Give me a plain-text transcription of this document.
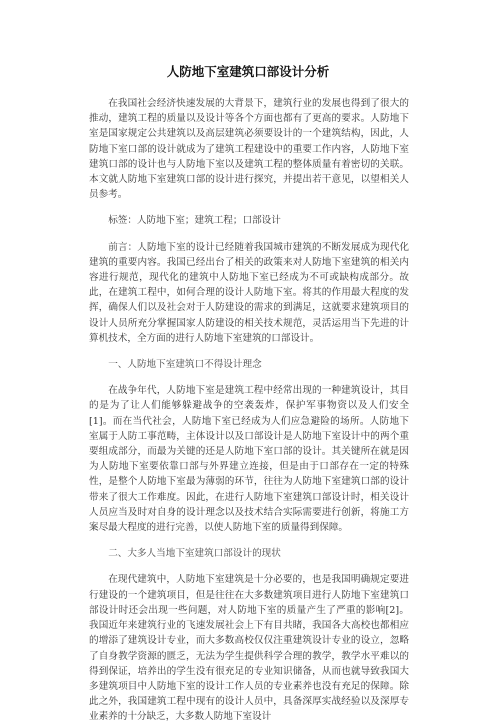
人防地下室建筑口部设计分析

在我国社会经济快速发展的大背景下，建筑行业的发展也得到了很大的推动，建筑工程的质量以及设计等各个方面也都有了更高的要求。人防地下室是国家规定公共建筑以及高层建筑必须要设计的一个建筑结构，因此，人防地下室口部的设计就成为了建筑工程建设中的重要工作内容，人防地下室建筑口部的设计也与人防地下室以及建筑工程的整体质量有着密切的关联。本文就人防地下室建筑口部的设计进行探究，并提出若干意见，以望相关人员参考。

标签：人防地下室；建筑工程；口部设计

前言：人防地下室的设计已经随着我国城市建筑的不断发展成为现代化建筑的重要内容。我国已经出台了相关的政策来对人防地下室建筑的相关内容进行规范，现代化的建筑中人防地下室已经成为不可或缺构成部分。故此，在建筑工程中，如何合理的设计人防地下室。将其的作用最大程度的发挥，确保人们以及社会对于人防建设的需求的到满足，这就要求建筑项目的设计人员所充分掌握国家人防建设的相关技术规范，灵活运用当下先进的计算机技术，全方面的进行人防地下室建筑的口部设计。

一、人防地下室建筑口不得设计理念

在战争年代，人防地下室是建筑工程中经常出现的一种建筑设计，其目的是为了让人们能够躲避战争的空袭轰炸，保护军事物资以及人们安全[1]。而在当代社会，人防地下室已经成为人们应急避险的场所。人防地下室属于人防工事范畴，主体设计以及口部设计是人防地下室设计中的两个重要组成部分，而最为关键的还是人防地下室口部的设计。其关键所在就是因为人防地下室要依靠口部与外界建立连接，但是由于口部存在一定的特殊性，是整个人防地下室最为薄弱的环节，往往为人防地下室建筑口部的设计带来了很大工作难度。因此，在进行人防地下室建筑口部设计时，相关设计人员应当及时对自身的设计理念以及技术结合实际需要进行创新，将施工方案尽最大程度的进行完善，以使人防地下室的质量得到保障。

二、大多人当地下室建筑口部设计的现状

在现代建筑中，人防地下室建筑是十分必要的，也是我国明确规定要进行建设的一个建筑项目，但是往往在大多数建筑项目进行人防地下室建筑口部设计时还会出现一些问题，对人防地下室的质量产生了严重的影响[2]。我国近年来建筑行业的飞速发展社会上下有目共睹，我国各大高校也都相应的增添了建筑设计专业，而大多数高校仅仅注重建筑设计专业的设立，忽略了自身教学资源的匮乏，无法为学生提供科学合理的教学，教学水平难以的得到保证，培养出的学生没有很充足的专业知识储备，从而也就导致我国大多建筑项目中人防地下室的设计工作人员的专业素养也没有充足的保障。除此之外，我国建筑工程中现有的设计人员中，具备深厚实战经验以及深厚专业素养的十分缺乏，大多数人防地下室设计
